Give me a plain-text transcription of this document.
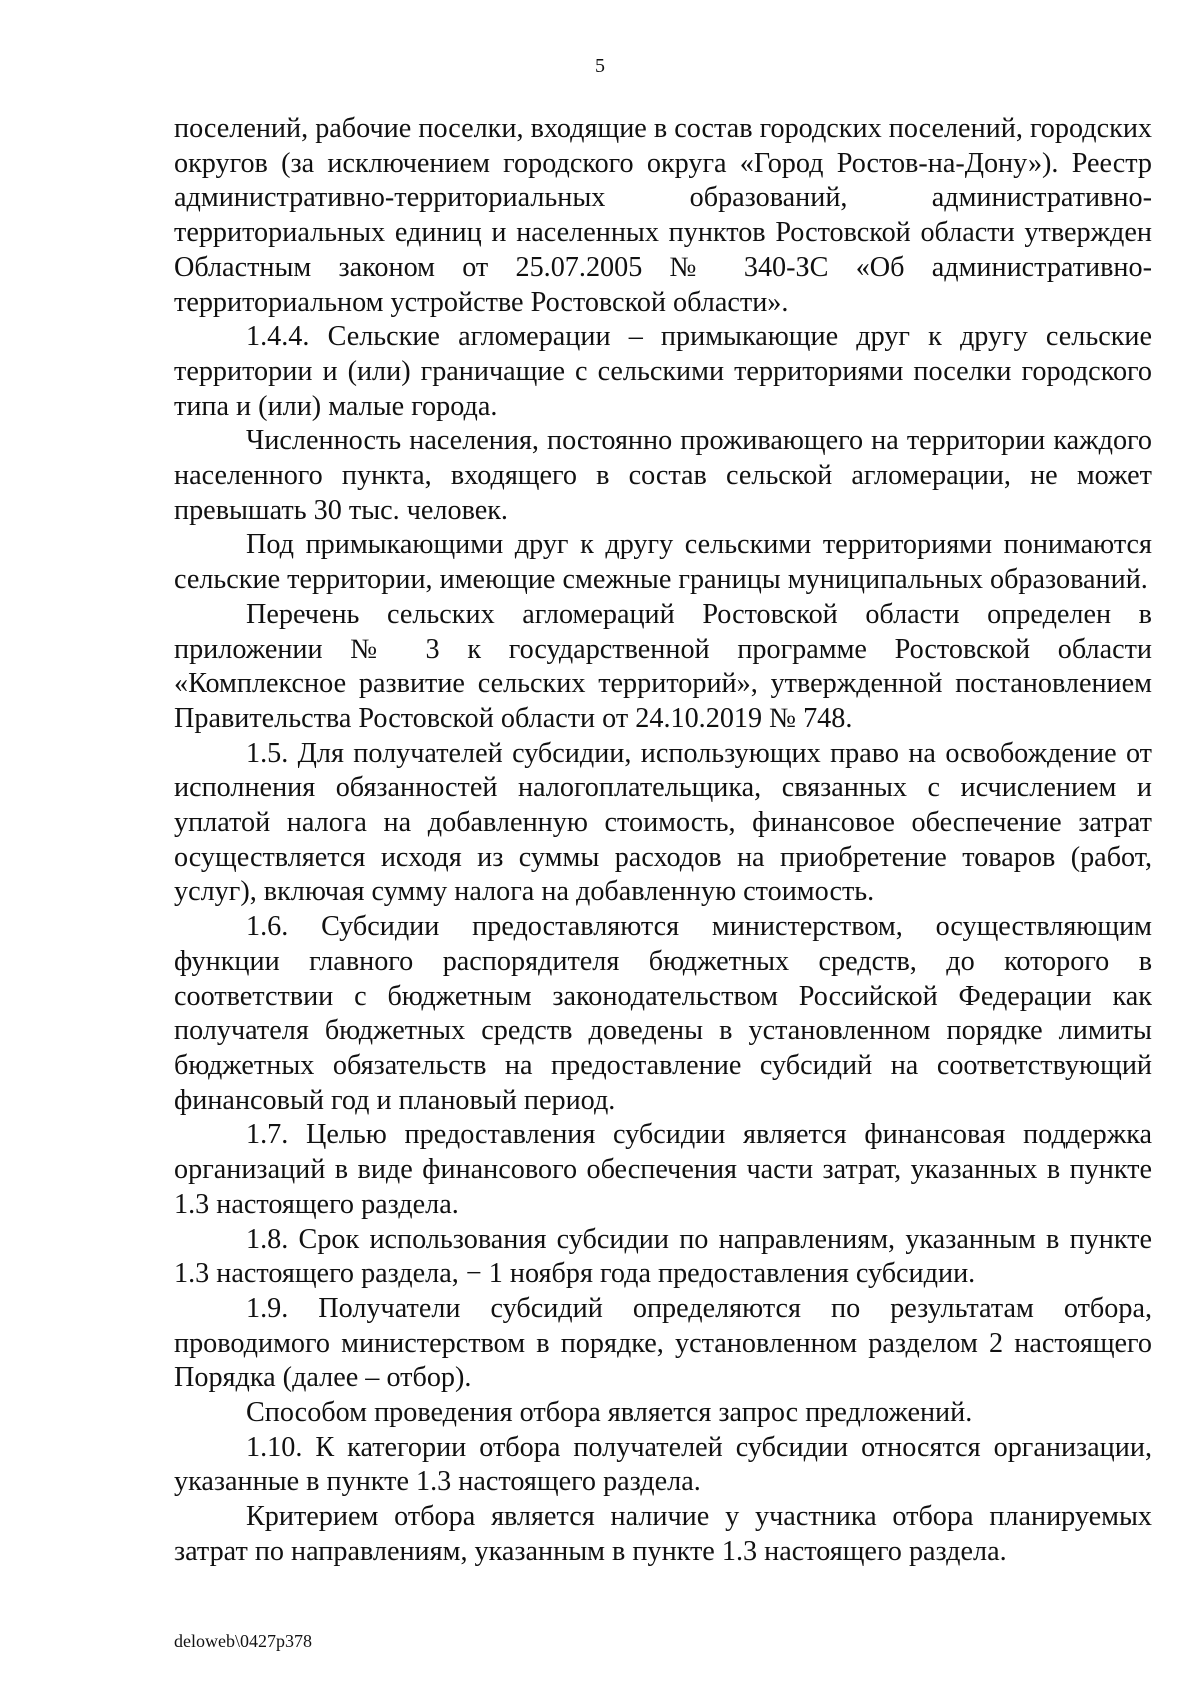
5

поселений, рабочие поселки, входящие в состав городских поселений, городских округов (за исключением городского округа «Город Ростов-на-Дону»). Реестр административно-территориальных образований, административно-территориальных единиц и населенных пунктов Ростовской области утвержден Областным законом от 25.07.2005 № 340-ЗС «Об административно-территориальном устройстве Ростовской области».

1.4.4. Сельские агломерации – примыкающие друг к другу сельские территории и (или) граничащие с сельскими территориями поселки городского типа и (или) малые города.

Численность населения, постоянно проживающего на территории каждого населенного пункта, входящего в состав сельской агломерации, не может превышать 30 тыс. человек.

Под примыкающими друг к другу сельскими территориями понимаются сельские территории, имеющие смежные границы муниципальных образований.

Перечень сельских агломераций Ростовской области определен в приложении № 3 к государственной программе Ростовской области «Комплексное развитие сельских территорий», утвержденной постановлением Правительства Ростовской области от 24.10.2019 № 748.

1.5. Для получателей субсидии, использующих право на освобождение от исполнения обязанностей налогоплательщика, связанных с исчислением и уплатой налога на добавленную стоимость, финансовое обеспечение затрат осуществляется исходя из суммы расходов на приобретение товаров (работ, услуг), включая сумму налога на добавленную стоимость.

1.6. Субсидии предоставляются министерством, осуществляющим функции главного распорядителя бюджетных средств, до которого в соответствии с бюджетным законодательством Российской Федерации как получателя бюджетных средств доведены в установленном порядке лимиты бюджетных обязательств на предоставление субсидий на соответствующий финансовый год и плановый период.

1.7. Целью предоставления субсидии является финансовая поддержка организаций в виде финансового обеспечения части затрат, указанных в пункте 1.3 настоящего раздела.

1.8. Срок использования субсидии по направлениям, указанным в пункте 1.3 настоящего раздела, − 1 ноября года предоставления субсидии.

1.9. Получатели субсидий определяются по результатам отбора, проводимого министерством в порядке, установленном разделом 2 настоящего Порядка (далее – отбор).

Способом проведения отбора является запрос предложений.

1.10. К категории отбора получателей субсидии относятся организации, указанные в пункте 1.3 настоящего раздела.

Критерием отбора является наличие у участника отбора планируемых затрат по направлениям, указанным в пункте 1.3 настоящего раздела.

deloweb\0427p378
